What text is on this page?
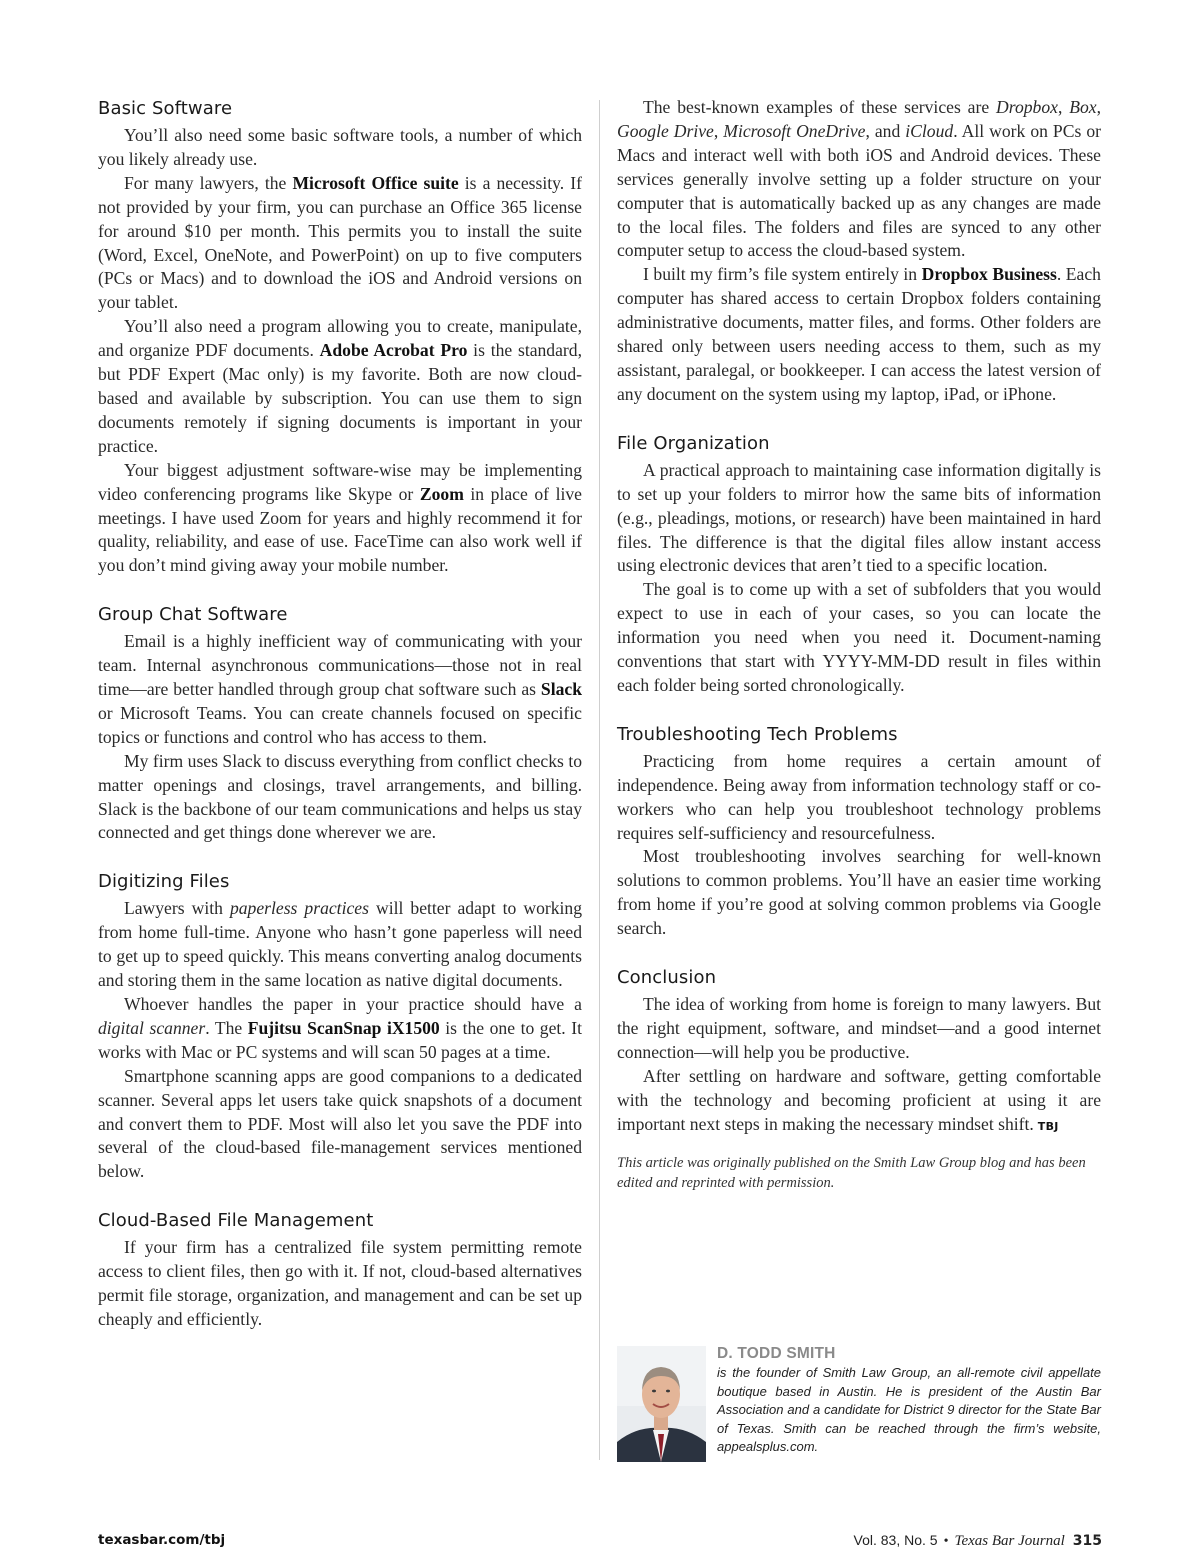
Basic Software

You’ll also need some basic software tools, a number of which you likely already use.

For many lawyers, the Microsoft Office suite is a necessity. If not provided by your firm, you can purchase an Office 365 license for around $10 per month. This permits you to install the suite (Word, Excel, OneNote, and PowerPoint) on up to five computers (PCs or Macs) and to download the iOS and Android versions on your tablet.

You’ll also need a program allowing you to create, manipulate, and organize PDF documents. Adobe Acrobat Pro is the standard, but PDF Expert (Mac only) is my favorite. Both are now cloud-based and available by subscription. You can use them to sign documents remotely if signing documents is important in your practice.

Your biggest adjustment software-wise may be implementing video conferencing programs like Skype or Zoom in place of live meetings. I have used Zoom for years and highly recommend it for quality, reliability, and ease of use. FaceTime can also work well if you don’t mind giving away your mobile number.

Group Chat Software

Email is a highly inefficient way of communicating with your team. Internal asynchronous communications—those not in real time—are better handled through group chat software such as Slack or Microsoft Teams. You can create channels focused on specific topics or functions and control who has access to them.

My firm uses Slack to discuss everything from conflict checks to matter openings and closings, travel arrangements, and billing. Slack is the backbone of our team communications and helps us stay connected and get things done wherever we are.

Digitizing Files

Lawyers with paperless practices will better adapt to working from home full-time. Anyone who hasn’t gone paperless will need to get up to speed quickly. This means converting analog documents and storing them in the same location as native digital documents.

Whoever handles the paper in your practice should have a digital scanner. The Fujitsu ScanSnap iX1500 is the one to get. It works with Mac or PC systems and will scan 50 pages at a time.

Smartphone scanning apps are good companions to a dedicated scanner. Several apps let users take quick snapshots of a document and convert them to PDF. Most will also let you save the PDF into several of the cloud-based file-management services mentioned below.

Cloud-Based File Management

If your firm has a centralized file system permitting remote access to client files, then go with it. If not, cloud-based alternatives permit file storage, organization, and management and can be set up cheaply and efficiently.

The best-known examples of these services are Dropbox, Box, Google Drive, Microsoft OneDrive, and iCloud. All work on PCs or Macs and interact well with both iOS and Android devices. These services generally involve setting up a folder structure on your computer that is automatically backed up as any changes are made to the local files. The folders and files are synced to any other computer setup to access the cloud-based system.

I built my firm’s file system entirely in Dropbox Business. Each computer has shared access to certain Dropbox folders containing administrative documents, matter files, and forms. Other folders are shared only between users needing access to them, such as my assistant, paralegal, or bookkeeper. I can access the latest version of any document on the system using my laptop, iPad, or iPhone.

File Organization

A practical approach to maintaining case information digitally is to set up your folders to mirror how the same bits of information (e.g., pleadings, motions, or research) have been maintained in hard files. The difference is that the digital files allow instant access using electronic devices that aren’t tied to a specific location.

The goal is to come up with a set of subfolders that you would expect to use in each of your cases, so you can locate the information you need when you need it. Document-naming conventions that start with YYYY-MM-DD result in files within each folder being sorted chronologically.

Troubleshooting Tech Problems

Practicing from home requires a certain amount of independence. Being away from information technology staff or co-workers who can help you troubleshoot technology problems requires self-sufficiency and resourcefulness.

Most troubleshooting involves searching for well-known solutions to common problems. You’ll have an easier time working from home if you’re good at solving common problems via Google search.

Conclusion

The idea of working from home is foreign to many lawyers. But the right equipment, software, and mindset—and a good internet connection—will help you be productive.

After settling on hardware and software, getting comfortable with the technology and becoming proficient at using it are important next steps in making the necessary mindset shift. TBJ

This article was originally published on the Smith Law Group blog and has been edited and reprinted with permission.

D. TODD SMITH
is the founder of Smith Law Group, an all-remote civil appellate boutique based in Austin. He is president of the Austin Bar Association and a candidate for District 9 director for the State Bar of Texas. Smith can be reached through the firm’s website, appealsplus.com.
texasbar.com/tbj	Vol. 83, No. 5 • Texas Bar Journal 315
